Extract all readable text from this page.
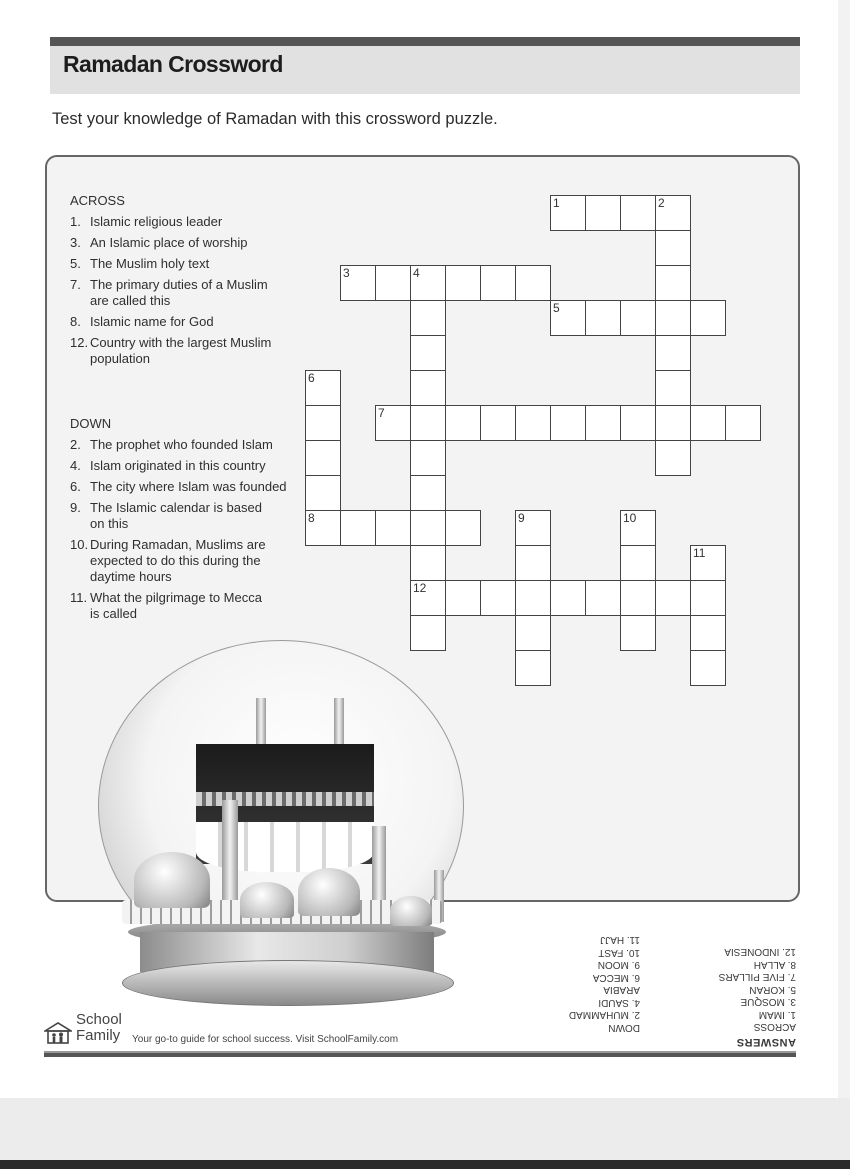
Ramadan Crossword
Test your knowledge of Ramadan with this crossword puzzle.
ACROSS
1. Islamic religious leader
3. An Islamic place of worship
5. The Muslim holy text
7. The primary duties of a Muslim
are called this
8. Islamic name for God
12. Country with the largest Muslim
population
DOWN
2. The prophet who founded Islam
4. Islam originated in this country
6. The city where Islam was founded
9. The Islamic calendar is based
on this
10. During Ramadan, Muslims are
expected to do this during the
daytime hours
11. What the pilgrimage to Mecca
is called
1	2
3	4
12
5
6
8
7
9	10
11
ANSWERS
ACROSS
1. IMAM
3. MOSQUE
5. KORAN
7. FIVE PILLARS
8. ALLAH
12. INDONESIA
DOWN
2. MUHAMMAD
4. SAUDI ARABIA
6. MECCA
9. MOON
10. FAST
11. HAJJ
School
Family Your go-to guide for school success. Visit SchoolFamily.com
